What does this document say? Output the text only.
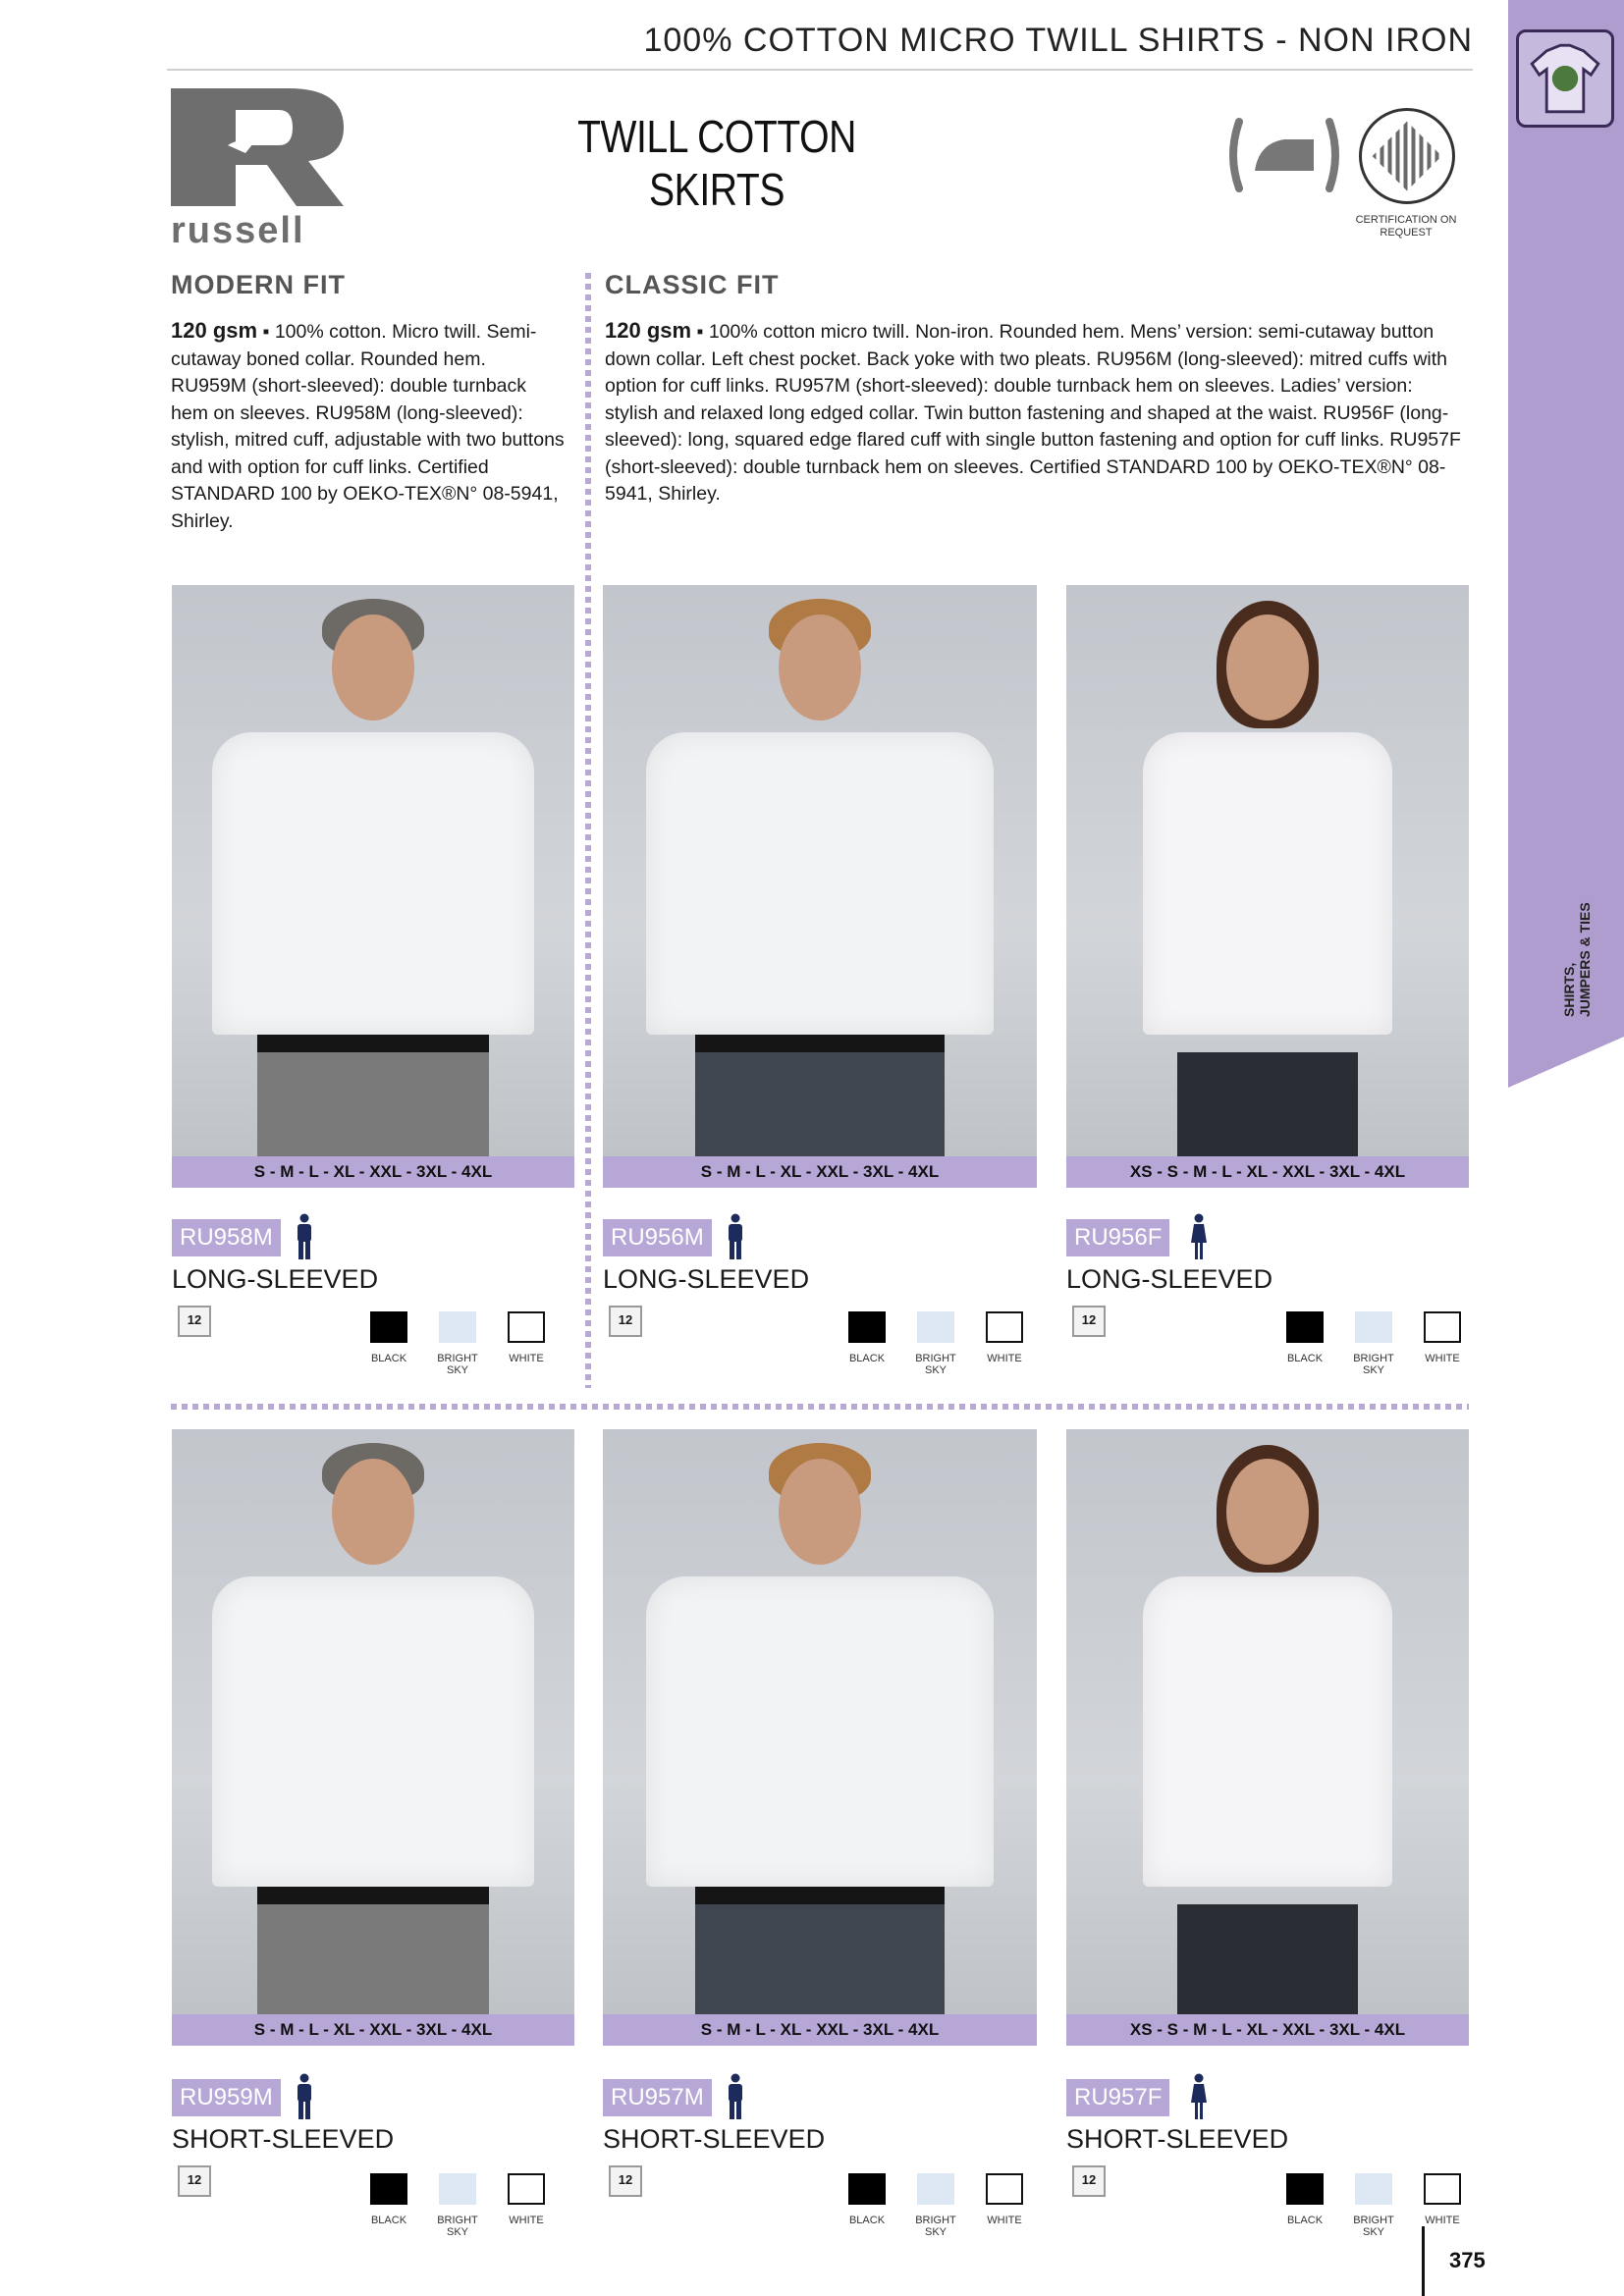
100% COTTON MICRO TWILL SHIRTS - NON IRON
russell
TWILL COTTON SKIRTS
CERTIFICATION ON REQUEST
SHIRTS, JUMPERS & TIES
MODERN FIT
120 gsm ▪ 100% cotton. Micro twill. Semi-cutaway boned collar. Rounded hem. RU959M (short-sleeved): double turnback hem on sleeves. RU958M (long-sleeved): stylish, mitred cuff, adjustable with two buttons and with option for cuff links. Certified STANDARD 100 by OEKO-TEX®N° 08-5941, Shirley.
CLASSIC FIT
120 gsm ▪ 100% cotton micro twill. Non-iron. Rounded hem. Mens’ version: semi-cutaway button down collar. Left chest pocket. Back yoke with two pleats. RU956M (long-sleeved): mitred cuffs with option for cuff links. RU957M (short-sleeved): double turnback hem on sleeves. Ladies’ version: stylish and relaxed long edged collar. Twin button fastening and shaped at the waist. RU956F (long-sleeved): long, squared edge flared cuff with single button fastening and option for cuff links. RU957F (short-sleeved): double turnback hem on sleeves. Certified STANDARD 100 by OEKO-TEX®N° 08-5941, Shirley.
S - M - L - XL - XXL - 3XL - 4XL
RU958M
LONG-SLEEVED
12
BLACK	BRIGHT SKY
WHITE
S - M - L - XL - XXL - 3XL - 4XL
RU956M
LONG-SLEEVED
12
BLACK	BRIGHT SKY
WHITE
XS - S - M - L - XL - XXL - 3XL - 4XL
RU956F
LONG-SLEEVED
12
BLACK	BRIGHT SKY
WHITE
S - M - L - XL - XXL - 3XL - 4XL
RU959M
SHORT-SLEEVED
12
BLACK	BRIGHT SKY
WHITE
S - M - L - XL - XXL - 3XL - 4XL
RU957M
SHORT-SLEEVED
12
BLACK	BRIGHT SKY
WHITE
XS - S - M - L - XL - XXL - 3XL - 4XL
RU957F
SHORT-SLEEVED
12
BLACK	BRIGHT SKY
WHITE
375
